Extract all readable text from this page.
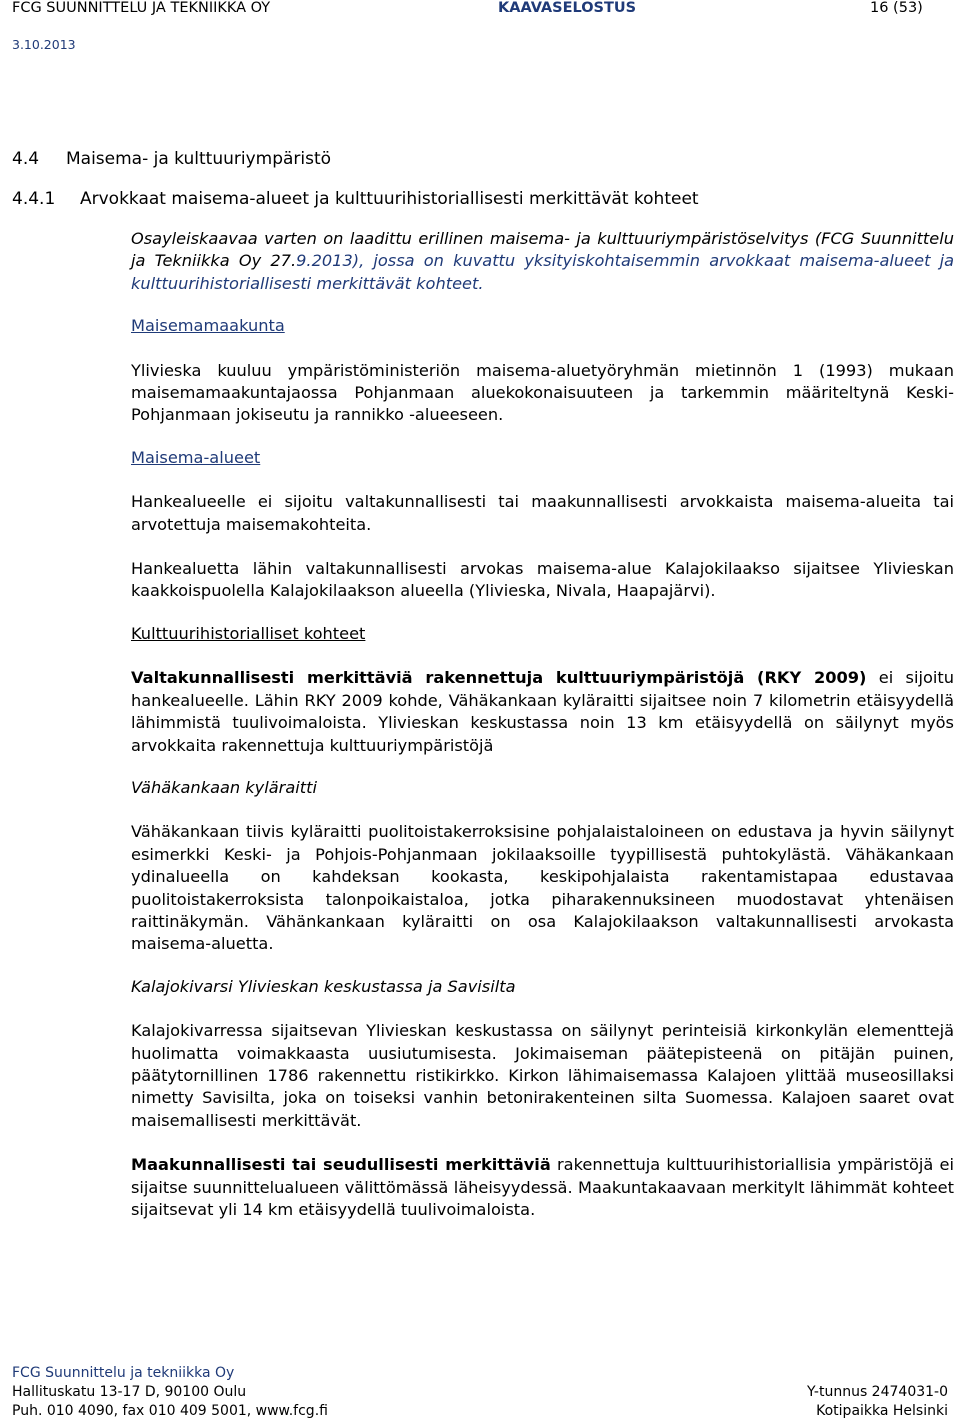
FCG SUUNNITTELU JA TEKNIIKKA OY	KAAVASELOSTUS	16 (53)
3.10.2013
4.4 Maisema- ja kulttuuriympäristö
4.4.1 Arvokkaat maisema-alueet ja kulttuurihistoriallisesti merkittävät kohteet

Osayleiskaavaa varten on laadittu erillinen maisema- ja kulttuuriympäristöselvitys (FCG Suunnittelu ja Tekniikka Oy 27.9.2013), jossa on kuvattu yksityiskohtaisemmin arvokkaat maisema-alueet ja kulttuurihistoriallisesti merkittävät kohteet.

Maisemamaakunta

Ylivieska kuuluu ympäristöministeriön maisema-aluetyöryhmän mietinnön 1 (1993) mukaan maisemamaakuntajaossa Pohjanmaan aluekokonaisuuteen ja tarkemmin määriteltynä Keski-Pohjanmaan jokiseutu ja rannikko -alueeseen.

Maisema-alueet

Hankealueelle ei sijoitu valtakunnallisesti tai maakunnallisesti arvokkaista maisema-alueita tai arvotettuja maisemakohteita.

Hankealuetta lähin valtakunnallisesti arvokas maisema-alue Kalajokilaakso sijaitsee Ylivieskan kaakkoispuolella Kalajokilaakson alueella (Ylivieska, Nivala, Haapajärvi).

Kulttuurihistorialliset kohteet

Valtakunnallisesti merkittäviä rakennettuja kulttuuriympäristöjä (RKY 2009) ei sijoitu hankealueelle. Lähin RKY 2009 kohde, Vähäkankaan kyläraitti sijaitsee noin 7 kilometrin etäisyydellä lähimmistä tuulivoimaloista. Ylivieskan keskustassa noin 13 km etäisyydellä on säilynyt myös arvokkaita rakennettuja kulttuuriympäristöjä

Vähäkankaan kyläraitti

Vähäkankaan tiivis kyläraitti puolitoistakerroksisine pohjalaistaloineen on edustava ja hyvin säilynyt esimerkki Keski- ja Pohjois-Pohjanmaan jokilaaksoille tyypillisestä puhtokylästä. Vähäkankaan ydinalueella on kahdeksan kookasta, keskipohjalaista rakentamistapaa edustavaa puolitoistakerroksista talonpoikaistaloa, jotka piharakennuksineen muodostavat yhtenäisen raittinäkymän. Vähänkankaan kyläraitti on osa Kalajokilaakson valtakunnallisesti arvokasta maisema-aluetta.

Kalajokivarsi Ylivieskan keskustassa ja Savisilta

Kalajokivarressa sijaitsevan Ylivieskan keskustassa on säilynyt perinteisiä kirkonkylän elementtejä huolimatta voimakkaasta uusiutumisesta. Jokimaiseman päätepisteenä on pitäjän puinen, päätytornillinen 1786 rakennettu ristikirkko. Kirkon lähimaisemassa Kalajoen ylittää museosillaksi nimetty Savisilta, joka on toiseksi vanhin betonirakenteinen silta Suomessa. Kalajoen saaret ovat maisemallisesti merkittävät.

Maakunnallisesti tai seudullisesti merkittäviä rakennettuja kulttuurihistoriallisia ympäristöjä ei sijaitse suunnittelualueen välittömässä läheisyydessä. Maakuntakaavaan merkitylt lähimmät kohteet sijaitsevat yli 14 km etäisyydellä tuulivoimaloista.

FCG Suunnittelu ja tekniikka Oy
Hallituskatu 13-17 D, 90100 Oulu	Y-tunnus 2474031-0
Puh. 010 4090, fax 010 409 5001, www.fcg.fi	Kotipaikka Helsinki
